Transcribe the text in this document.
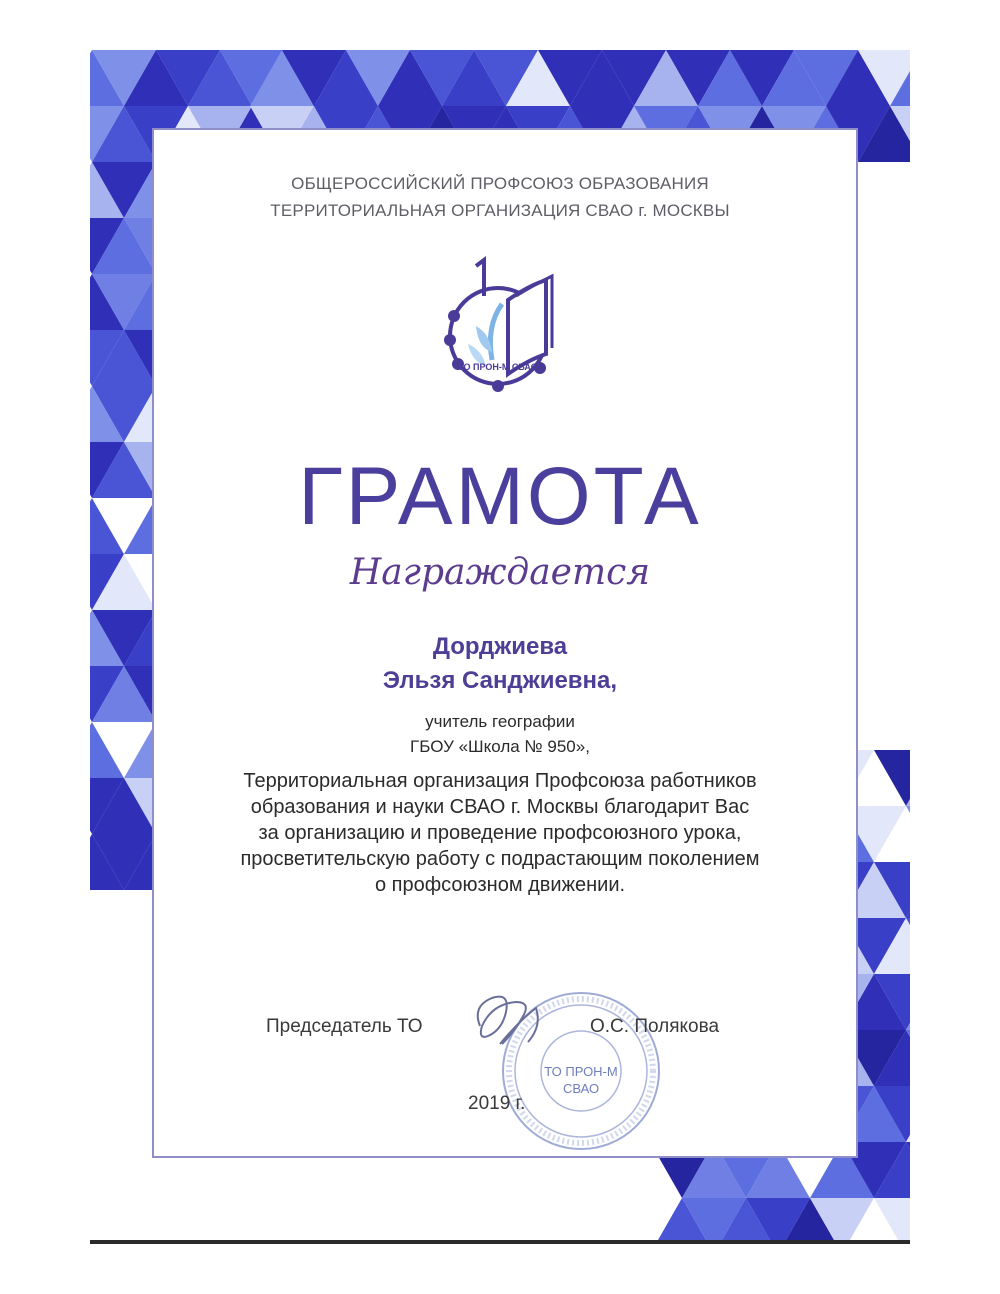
ОБЩЕРОССИЙСКИЙ ПРОФСОЮЗ ОБРАЗОВАНИЯ
ТЕРРИТОРИАЛЬНАЯ ОРГАНИЗАЦИЯ СВАО г. МОСКВЫ
ТО ПРОН-М СВАО
ГРАМОТА
Награждается
Дорджиева
Эльзя Санджиевна,
учитель географии
ГБОУ «Школа № 950»,
Территориальная организация Профсоюза работников
образования и науки СВАО г. Москвы благодарит Вас
за организацию и проведение профсоюзного урока,
просветительскую работу с подрастающим поколением
о профсоюзном движении.
ТО ПРОН-М
СВАО
Председатель ТО	О.С. Полякова
2019 г.
